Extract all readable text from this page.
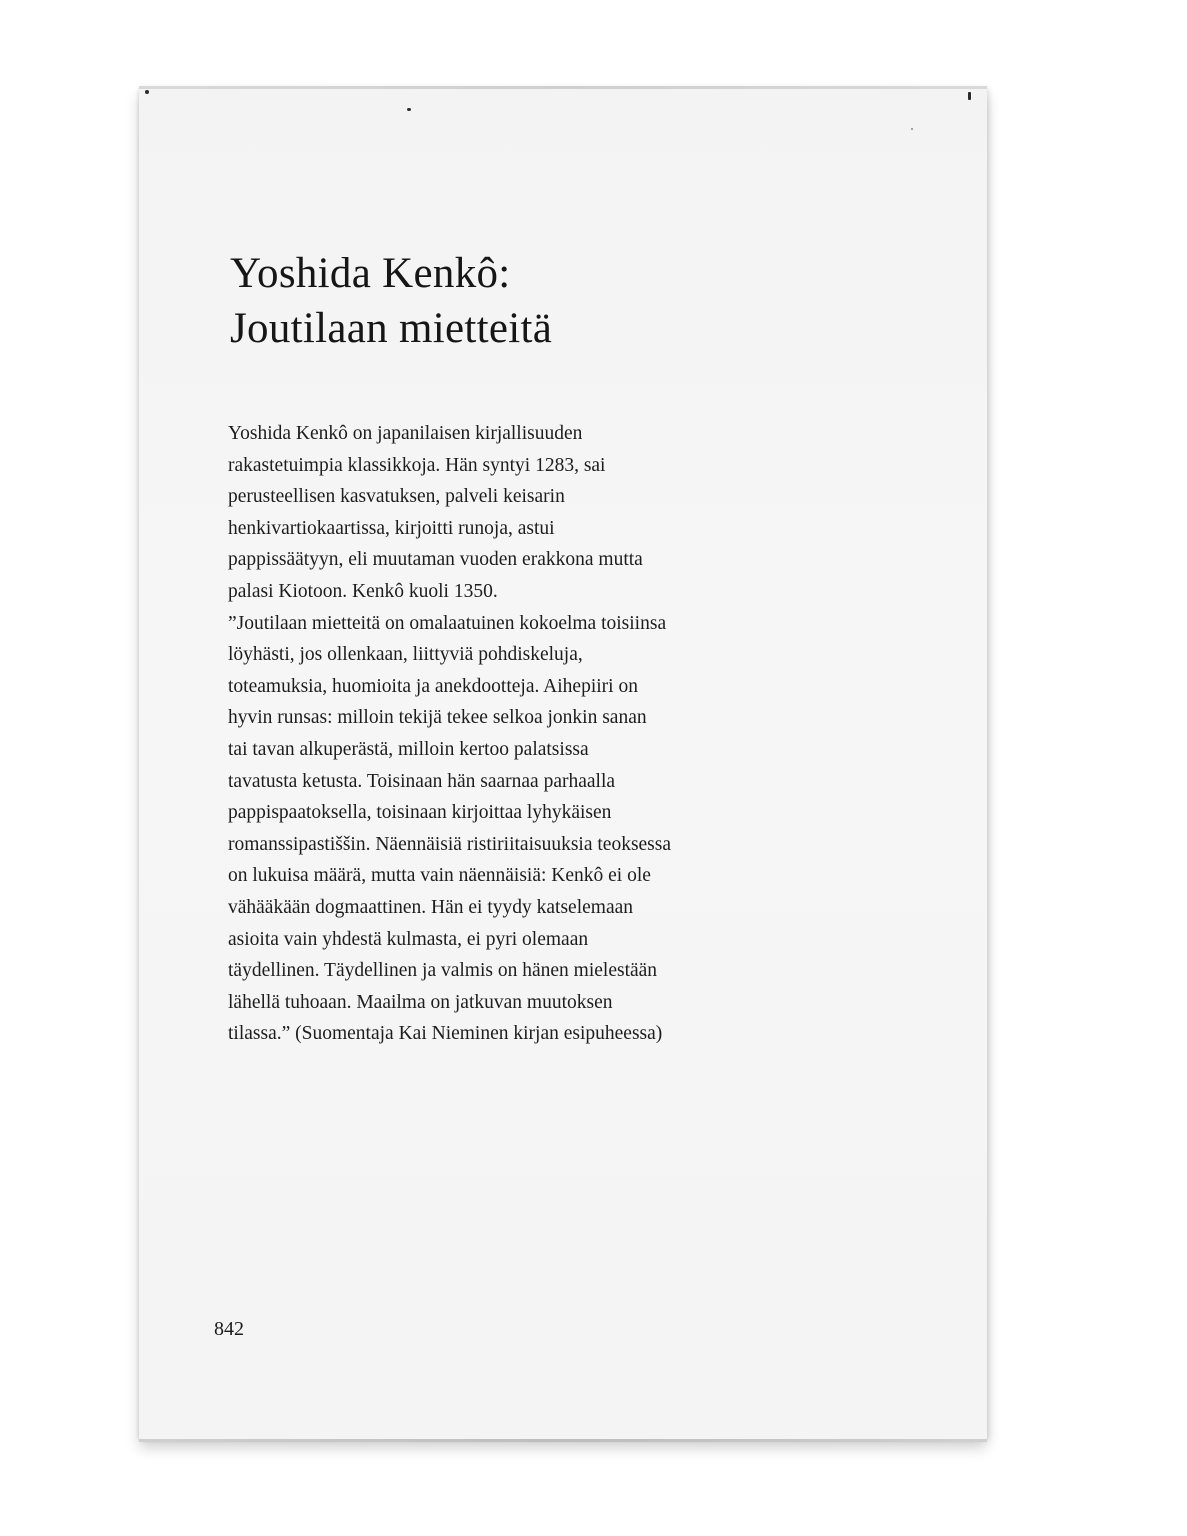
Yoshida Kenkô:
Joutilaan mietteitä

Yoshida Kenkô on japanilaisen kirjallisuuden
rakastetuimpia klassikkoja. Hän syntyi 1283, sai
perusteellisen kasvatuksen, palveli keisarin
henkivartiokaartissa, kirjoitti runoja, astui
pappissäätyyn, eli muutaman vuoden erakkona mutta
palasi Kiotoon. Kenkô kuoli 1350.
”Joutilaan mietteitä on omalaatuinen kokoelma toisiinsa
löyhästi, jos ollenkaan, liittyviä pohdiskeluja,
toteamuksia, huomioita ja anekdootteja. Aihepiiri on
hyvin runsas: milloin tekijä tekee selkoa jonkin sanan
tai tavan alkuperästä, milloin kertoo palatsissa
tavatusta ketusta. Toisinaan hän saarnaa parhaalla
pappispaatoksella, toisinaan kirjoittaa lyhykäisen
romanssipastiššin. Näennäisiä ristiriitaisuuksia teoksessa
on lukuisa määrä, mutta vain näennäisiä: Kenkô ei ole
vähääkään dogmaattinen. Hän ei tyydy katselemaan
asioita vain yhdestä kulmasta, ei pyri olemaan
täydellinen. Täydellinen ja valmis on hänen mielestään
lähellä tuhoaan. Maailma on jatkuvan muutoksen
tilassa.” (Suomentaja Kai Nieminen kirjan esipuheessa)

842
